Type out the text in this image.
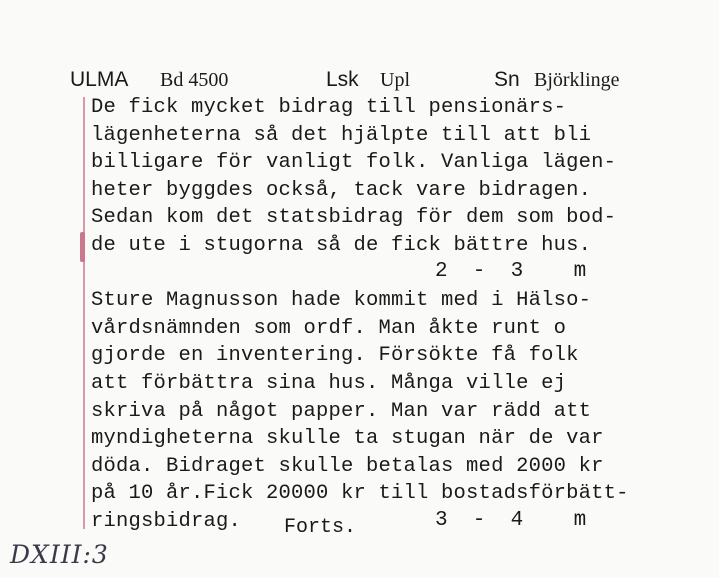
ULMA Bd 4500	Lsk Upl	Sn Björklinge
De fick mycket bidrag till pensionärs-
lägenheterna så det hjälpte till att bli
billigare för vanligt folk. Vanliga lägen-
heter byggdes också, tack vare bidragen.
Sedan kom det statsbidrag för dem som bod-
de ute i stugorna så de fick bättre hus.
Sture Magnusson hade kommit med i Hälso-
vårdsnämnden som ordf. Man åkte runt o
gjorde en inventering. Försökte få folk
att förbättra sina hus. Många ville ej
skriva på något papper. Man var rädd att
myndigheterna skulle ta stugan när de var
döda. Bidraget skulle betalas med 2000 kr
på 10 år.Fick 20000 kr till bostadsförbätt-
ringsbidrag.
2  -  3    m
Forts.	3  -  4    m
DXIII:3
